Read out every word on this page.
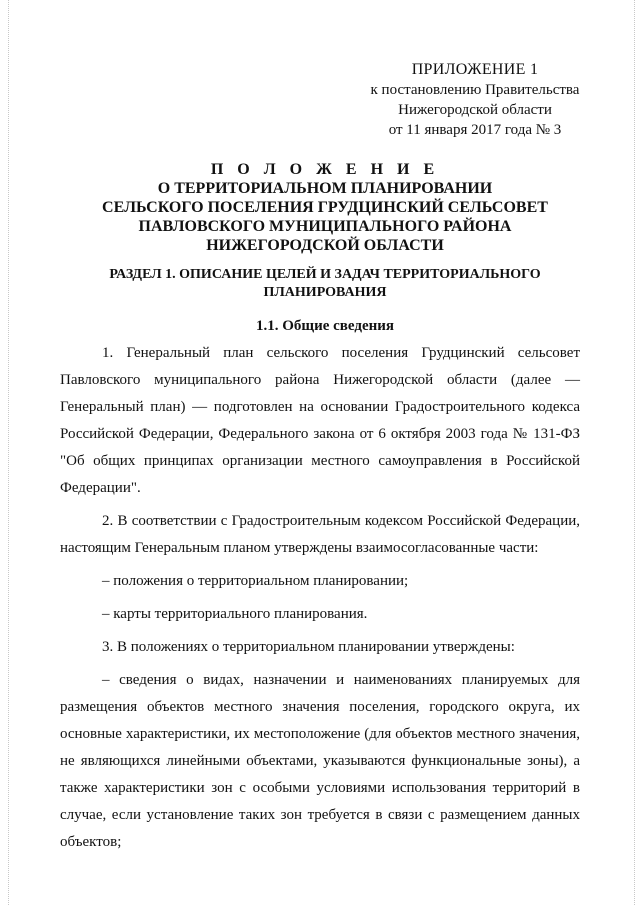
ПРИЛОЖЕНИЕ 1
к постановлению Правительства
Нижегородской области
от 11 января 2017 года № 3
П О Л О Ж Е Н И Е
О ТЕРРИТОРИАЛЬНОМ ПЛАНИРОВАНИИ
СЕЛЬСКОГО ПОСЕЛЕНИЯ ГРУДЦИНСКИЙ СЕЛЬСОВЕТ
ПАВЛОВСКОГО МУНИЦИПАЛЬНОГО РАЙОНА
НИЖЕГОРОДСКОЙ ОБЛАСТИ
РАЗДЕЛ 1. ОПИСАНИЕ ЦЕЛЕЙ И ЗАДАЧ ТЕРРИТОРИАЛЬНОГО
ПЛАНИРОВАНИЯ
1.1. Общие сведения

1. Генеральный план сельского поселения Грудцинский сельсовет Павловского муниципального района Нижегородской области (далее — Генеральный план) — подготовлен на основании Градостроительного кодекса Российской Федерации, Федерального закона от 6 октября 2003 года № 131-ФЗ "Об общих принципах организации местного самоуправления в Российской Федерации".

2. В соответствии с Градостроительным кодексом Российской Федерации, настоящим Генеральным планом утверждены взаимосогласованные части:

– положения о территориальном планировании;
– карты территориального планирования.

3. В положениях о территориальном планировании утверждены:

– сведения о видах, назначении и наименованиях планируемых для размещения объектов местного значения поселения, городского округа, их основные характеристики, их местоположение (для объектов местного значения, не являющихся линейными объектами, указываются функциональные зоны), а также характеристики зон с особыми условиями использования территорий в случае, если установление таких зон требуется в связи с размещением данных объектов;
